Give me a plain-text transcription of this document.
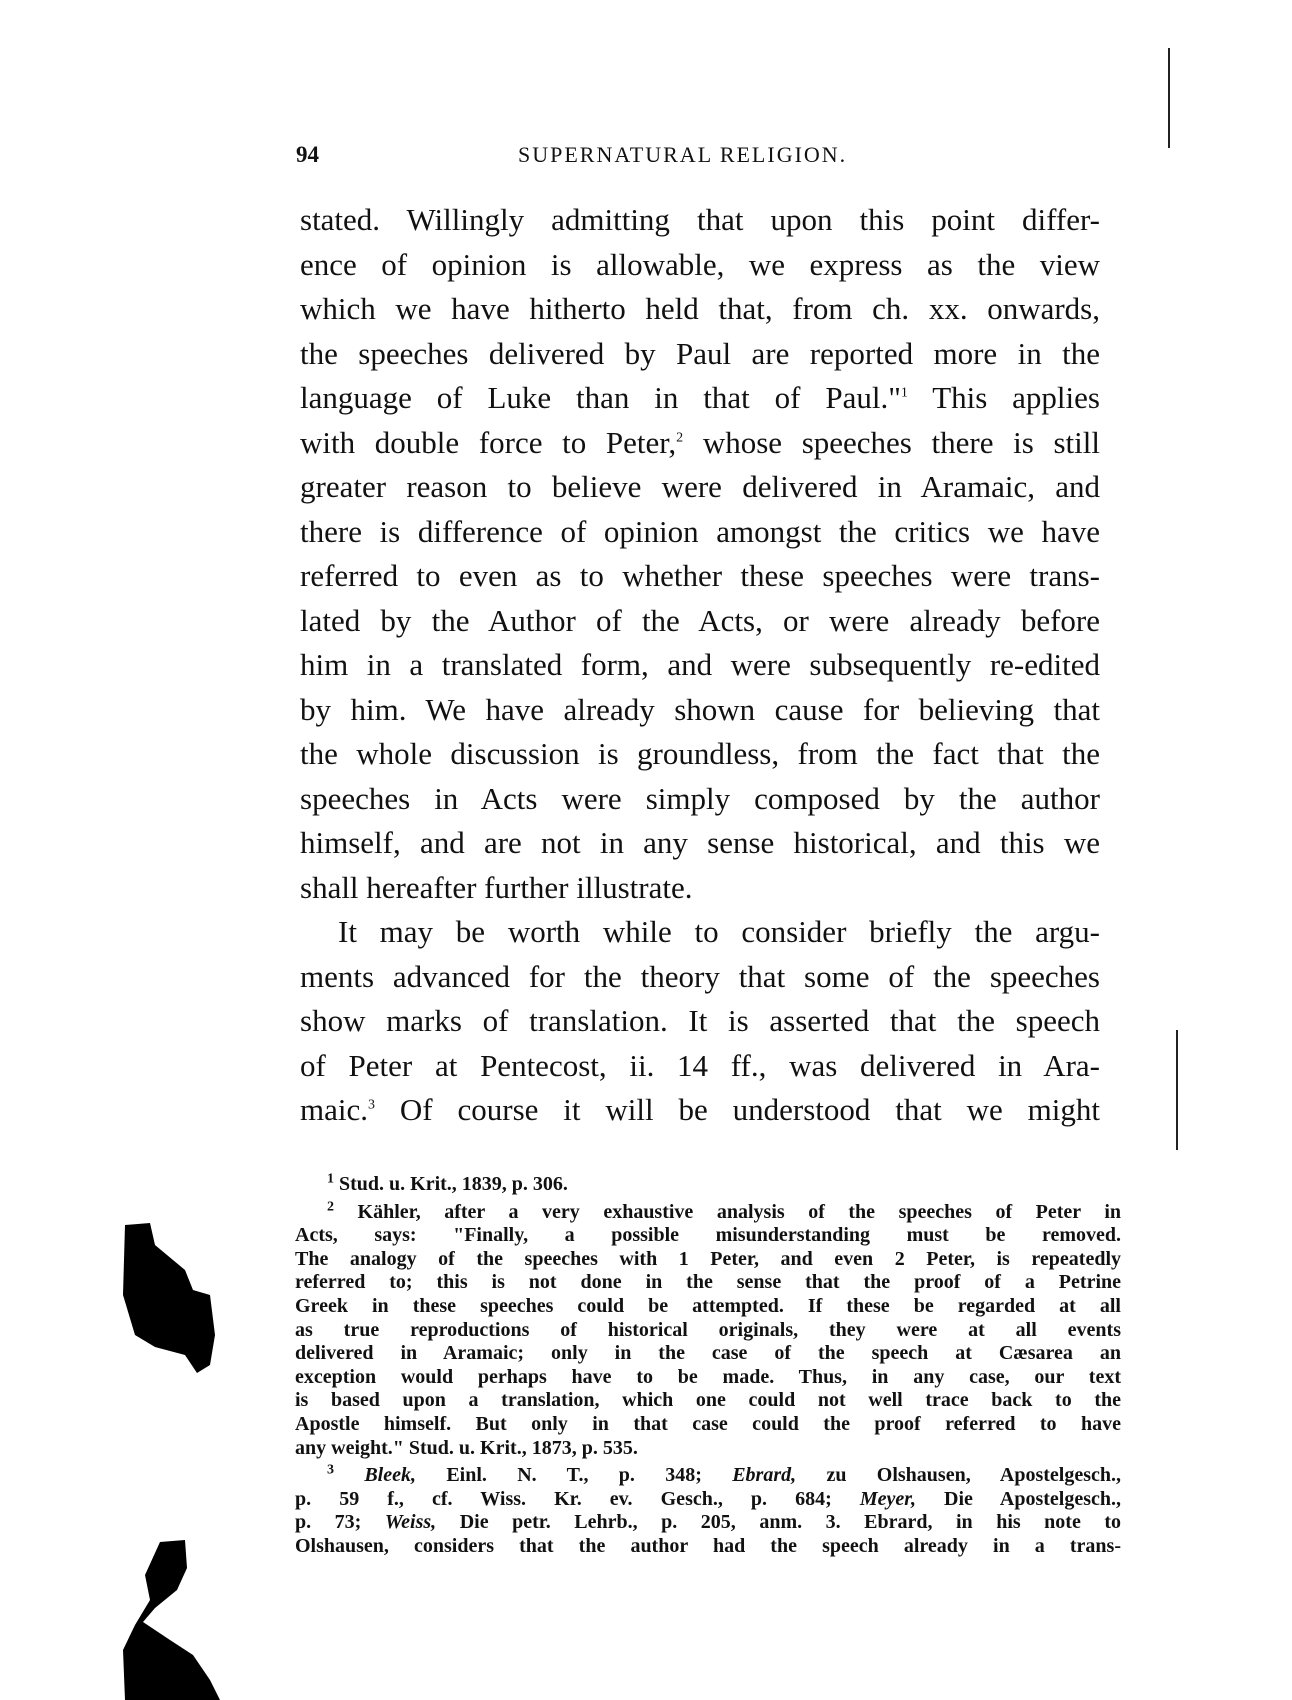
94	SUPERNATURAL RELIGION.
stated. Willingly admitting that upon this point differ-
ence of opinion is allowable, we express as the view
which we have hitherto held that, from ch. xx. onwards,
the speeches delivered by Paul are reported more in the
language of Luke than in that of Paul."$^1$ This applies
with double force to Peter,$^2$ whose speeches there is still
greater reason to believe were delivered in Aramaic, and
there is difference of opinion amongst the critics we have
referred to even as to whether these speeches were trans-
lated by the Author of the Acts, or were already before
him in a translated form, and were subsequently re-edited
by him. We have already shown cause for believing that
the whole discussion is groundless, from the fact that the
speeches in Acts were simply composed by the author
himself, and are not in any sense historical, and this we
shall hereafter further illustrate.
It may be worth while to consider briefly the argu-
ments advanced for the theory that some of the speeches
show marks of translation. It is asserted that the speech
of Peter at Pentecost, ii. 14 ff., was delivered in Ara-
maic.$^3$ Of course it will be understood that we might
$^1$ Stud. u. Krit., 1839, p. 306.
$^2$ Kähler, after a very exhaustive analysis of the speeches of Peter in
Acts, says: "Finally, a possible misunderstanding must be removed.
The analogy of the speeches with 1 Peter, and even 2 Peter, is repeatedly
referred to; this is not done in the sense that the proof of a Petrine
Greek in these speeches could be attempted. If these be regarded at all
as true reproductions of historical originals, they were at all events
delivered in Aramaic; only in the case of the speech at Cæsarea an
exception would perhaps have to be made. Thus, in any case, our text
is based upon a translation, which one could not well trace back to the
Apostle himself. But only in that case could the proof referred to have
any weight." Stud. u. Krit., 1873, p. 535.
$^3$ Bleek, Einl. N. T., p. 348; Ebrard, zu Olshausen, Apostelgesch.,
p. 59 f., cf. Wiss. Kr. ev. Gesch., p. 684; Meyer, Die Apostelgesch.,
p. 73; Weiss, Die petr. Lehrb., p. 205, anm. 3. Ebrard, in his note to
Olshausen, considers that the author had the speech already in a trans-
